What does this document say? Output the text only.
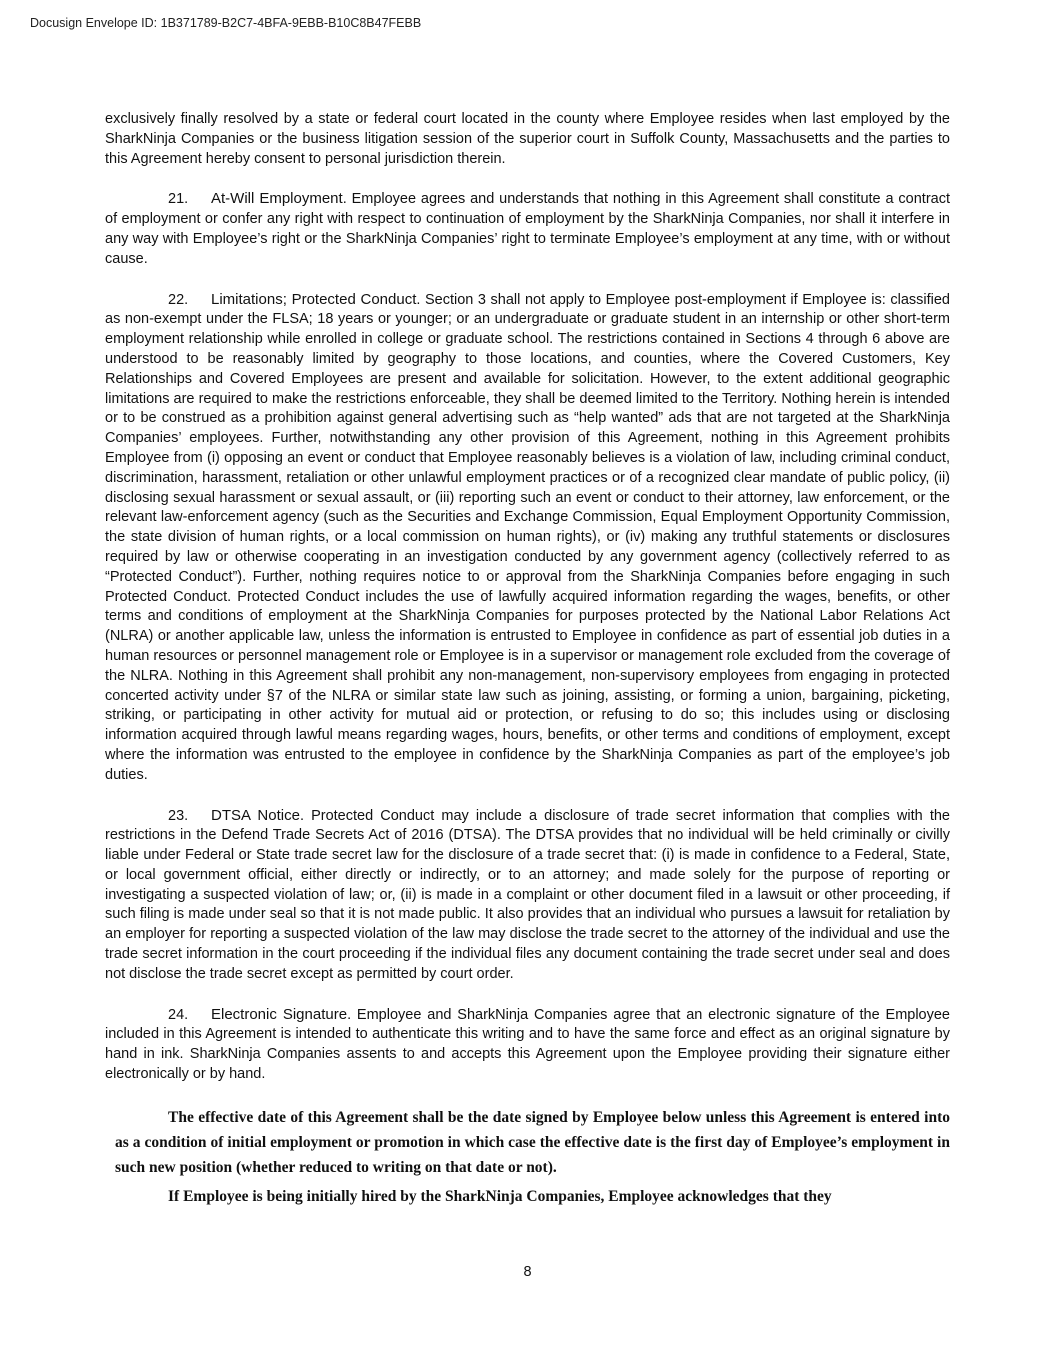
Docusign Envelope ID: 1B371789-B2C7-4BFA-9EBB-B10C8B47FEBB

exclusively finally resolved by a state or federal court located in the county where Employee resides when last employed by the SharkNinja Companies or the business litigation session of the superior court in Suffolk County, Massachusetts and the parties to this Agreement hereby consent to personal jurisdiction therein.

21. At-Will Employment. Employee agrees and understands that nothing in this Agreement shall constitute a contract of employment or confer any right with respect to continuation of employment by the SharkNinja Companies, nor shall it interfere in any way with Employee’s right or the SharkNinja Companies’ right to terminate Employee’s employment at any time, with or without cause.

22. Limitations; Protected Conduct. Section 3 shall not apply to Employee post-employment if Employee is: classified as non-exempt under the FLSA; 18 years or younger; or an undergraduate or graduate student in an internship or other short-term employment relationship while enrolled in college or graduate school. The restrictions contained in Sections 4 through 6 above are understood to be reasonably limited by geography to those locations, and counties, where the Covered Customers, Key Relationships and Covered Employees are present and available for solicitation. However, to the extent additional geographic limitations are required to make the restrictions enforceable, they shall be deemed limited to the Territory. Nothing herein is intended or to be construed as a prohibition against general advertising such as “help wanted” ads that are not targeted at the SharkNinja Companies’ employees. Further, notwithstanding any other provision of this Agreement, nothing in this Agreement prohibits Employee from (i) opposing an event or conduct that Employee reasonably believes is a violation of law, including criminal conduct, discrimination, harassment, retaliation or other unlawful employment practices or of a recognized clear mandate of public policy, (ii) disclosing sexual harassment or sexual assault, or (iii) reporting such an event or conduct to their attorney, law enforcement, or the relevant law-enforcement agency (such as the Securities and Exchange Commission, Equal Employment Opportunity Commission, the state division of human rights, or a local commission on human rights), or (iv) making any truthful statements or disclosures required by law or otherwise cooperating in an investigation conducted by any government agency (collectively referred to as “Protected Conduct”). Further, nothing requires notice to or approval from the SharkNinja Companies before engaging in such Protected Conduct. Protected Conduct includes the use of lawfully acquired information regarding the wages, benefits, or other terms and conditions of employment at the SharkNinja Companies for purposes protected by the National Labor Relations Act (NLRA) or another applicable law, unless the information is entrusted to Employee in confidence as part of essential job duties in a human resources or personnel management role or Employee is in a supervisor or management role excluded from the coverage of the NLRA. Nothing in this Agreement shall prohibit any non-management, non-supervisory employees from engaging in protected concerted activity under §7 of the NLRA or similar state law such as joining, assisting, or forming a union, bargaining, picketing, striking, or participating in other activity for mutual aid or protection, or refusing to do so; this includes using or disclosing information acquired through lawful means regarding wages, hours, benefits, or other terms and conditions of employment, except where the information was entrusted to the employee in confidence by the SharkNinja Companies as part of the employee’s job duties.

23. DTSA Notice. Protected Conduct may include a disclosure of trade secret information that complies with the restrictions in the Defend Trade Secrets Act of 2016 (DTSA). The DTSA provides that no individual will be held criminally or civilly liable under Federal or State trade secret law for the disclosure of a trade secret that: (i) is made in confidence to a Federal, State, or local government official, either directly or indirectly, or to an attorney; and made solely for the purpose of reporting or investigating a suspected violation of law; or, (ii) is made in a complaint or other document filed in a lawsuit or other proceeding, if such filing is made under seal so that it is not made public. It also provides that an individual who pursues a lawsuit for retaliation by an employer for reporting a suspected violation of the law may disclose the trade secret to the attorney of the individual and use the trade secret information in the court proceeding if the individual files any document containing the trade secret under seal and does not disclose the trade secret except as permitted by court order.

24. Electronic Signature. Employee and SharkNinja Companies agree that an electronic signature of the Employee included in this Agreement is intended to authenticate this writing and to have the same force and effect as an original signature by hand in ink. SharkNinja Companies assents to and accepts this Agreement upon the Employee providing their signature either electronically or by hand.

The effective date of this Agreement shall be the date signed by Employee below unless this Agreement is entered into as a condition of initial employment or promotion in which case the effective date is the first day of Employee’s employment in such new position (whether reduced to writing on that date or not).

If Employee is being initially hired by the SharkNinja Companies, Employee acknowledges that they

8
